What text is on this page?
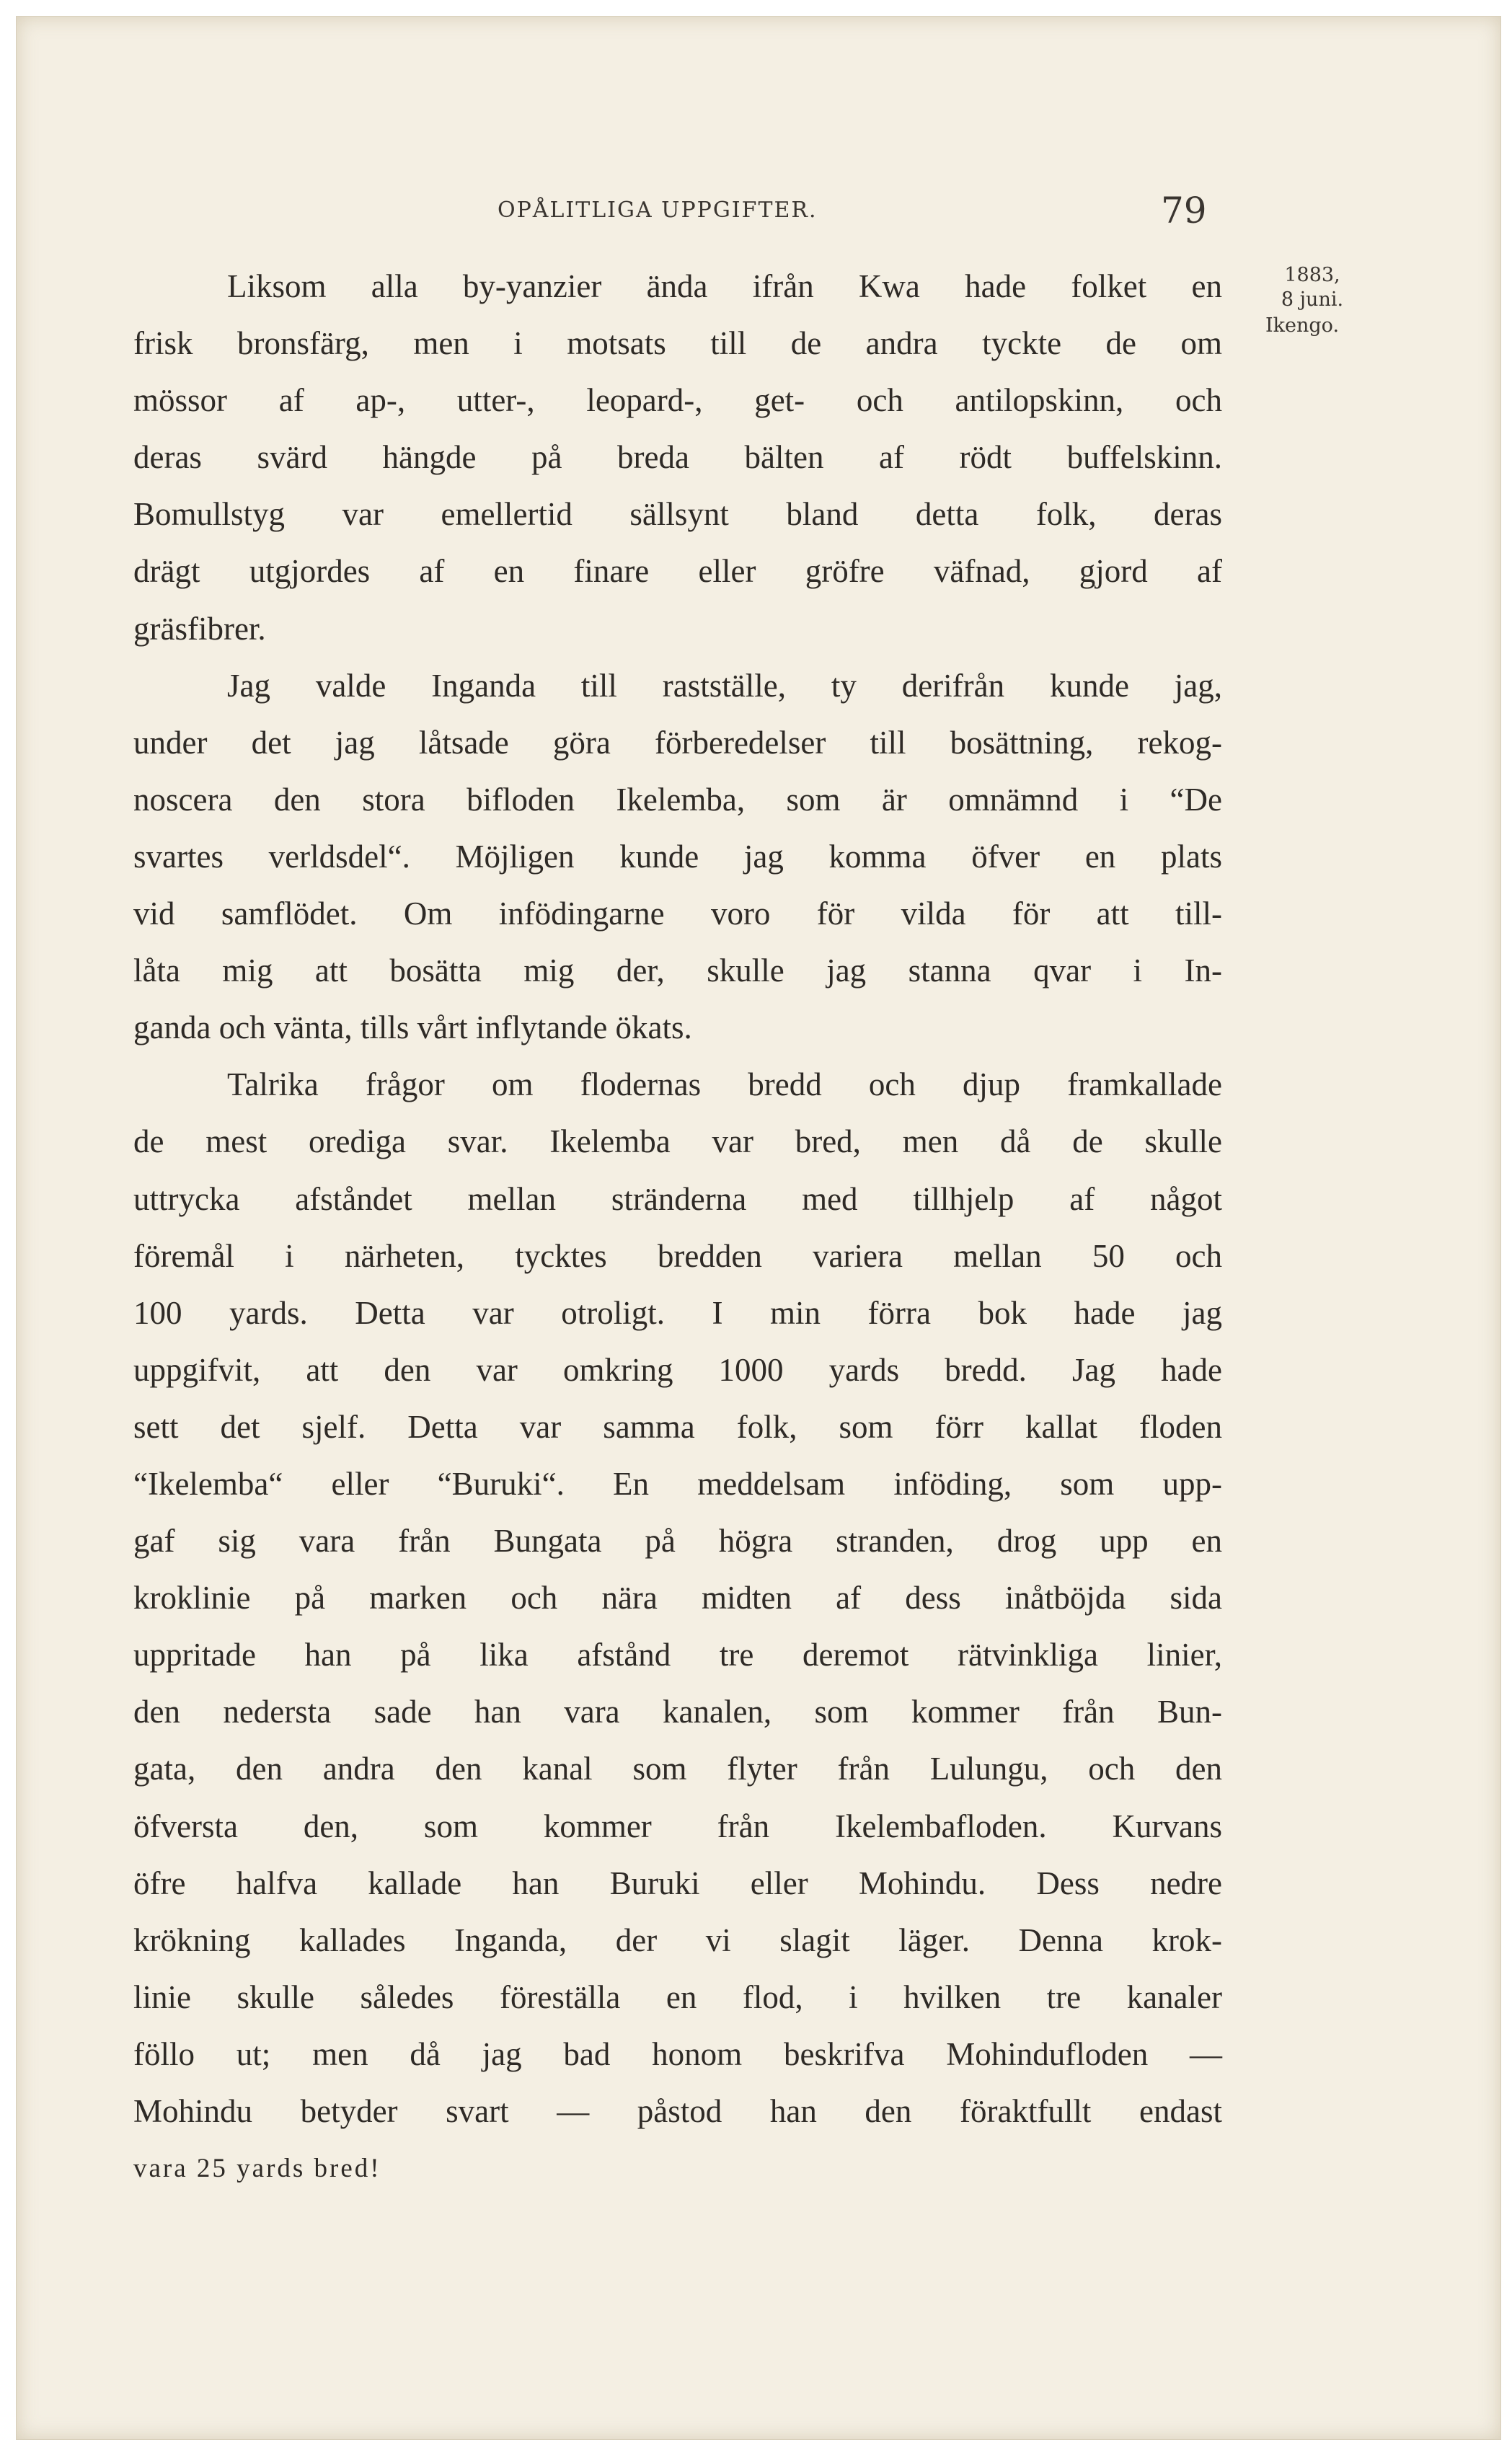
OPÅLITLIGA UPPGIFTER.	79
1883,
8 juni.
Ikengo.
Liksom alla by-yanzier ända ifrån Kwa hade folket en
frisk bronsfärg, men i motsats till de andra tyckte de om
mössor af ap-, utter-, leopard-, get- och antilopskinn, och
deras svärd hängde på breda bälten af rödt buffelskinn.
Bomullstyg var emellertid sällsynt bland detta folk, deras
drägt utgjordes af en finare eller gröfre väfnad, gjord af
gräsfibrer.
Jag valde Inganda till rastställe, ty derifrån kunde jag,
under det jag låtsade göra förberedelser till bosättning, rekog-
noscera den stora bifloden Ikelemba, som är omnämnd i “De
svartes verldsdel“. Möjligen kunde jag komma öfver en plats
vid samflödet. Om infödingarne voro för vilda för att till-
låta mig att bosätta mig der, skulle jag stanna qvar i In-
ganda och vänta, tills vårt inflytande ökats.
Talrika frågor om flodernas bredd och djup framkallade
de mest orediga svar. Ikelemba var bred, men då de skulle
uttrycka afståndet mellan stränderna med tillhjelp af något
föremål i närheten, tycktes bredden variera mellan 50 och
100 yards. Detta var otroligt. I min förra bok hade jag
uppgifvit, att den var omkring 1000 yards bredd. Jag hade
sett det sjelf. Detta var samma folk, som förr kallat floden
“Ikelemba“ eller “Buruki“. En meddelsam inföding, som upp-
gaf sig vara från Bungata på högra stranden, drog upp en
kroklinie på marken och nära midten af dess inåtböjda sida
uppritade han på lika afstånd tre deremot rätvinkliga linier,
den nedersta sade han vara kanalen, som kommer från Bun-
gata, den andra den kanal som flyter från Lulungu, och den
öfversta den, som kommer från Ikelembafloden. Kurvans
öfre halfva kallade han Buruki eller Mohindu. Dess nedre
krökning kallades Inganda, der vi slagit läger. Denna krok-
linie skulle således föreställa en flod, i hvilken tre kanaler
föllo ut; men då jag bad honom beskrifva Mohindufloden —
Mohindu betyder svart — påstod han den föraktfullt endast
vara 25 yards bred!
